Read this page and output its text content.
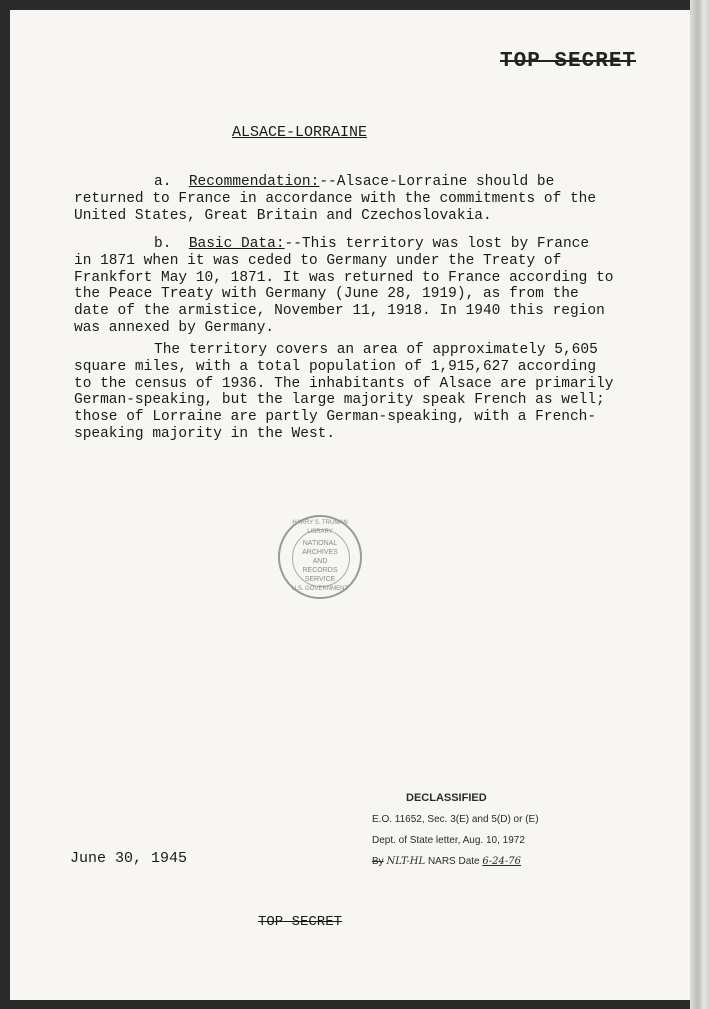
TOP SECRET
ALSACE-LORRAINE

a. Recommendation:--Alsace-Lorraine should be returned to France in accordance with the commitments of the United States, Great Britain and Czechoslovakia.

b. Basic Data:--This territory was lost by France in 1871 when it was ceded to Germany under the Treaty of Frankfort May 10, 1871. It was returned to France according to the Peace Treaty with Germany (June 28, 1919), as from the date of the armistice, November 11, 1918. In 1940 this region was annexed by Germany.

The territory covers an area of approximately 5,605 square miles, with a total population of 1,915,627 according to the census of 1936. The inhabitants of Alsace are primarily German-speaking, but the large majority speak French as well; those of Lorraine are partly German-speaking, with a French-speaking majority in the West.

HARRY S. TRUMAN LIBRARY
NATIONAL ARCHIVES AND RECORDS SERVICE
U.S. GOVERNMENT
DECLASSIFIED
E.O. 11652, Sec. 3(E) and 5(D) or (E)
Dept. of State letter, Aug. 10, 1972
By NLT-HL NARS Date 6-24-76
June 30, 1945
TOP SECRET
